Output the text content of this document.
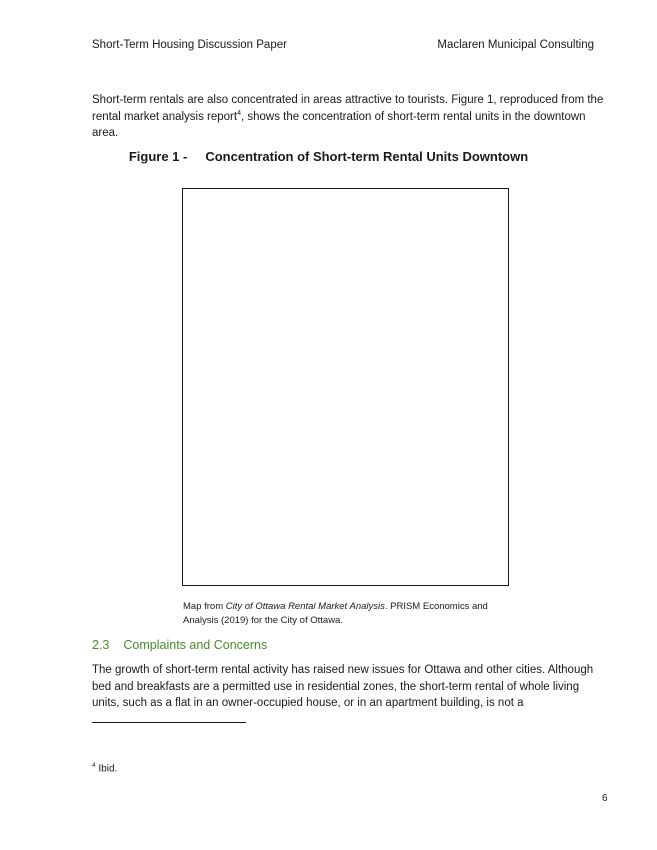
Short-Term Housing Discussion Paper	Maclaren Municipal Consulting

Short-term rentals are also concentrated in areas attractive to tourists. Figure 1, reproduced from the rental market analysis report$^4$, shows the concentration of short-term rental units in the downtown area.

Figure 1 - Concentration of Short-term Rental Units Downtown

Map from City of Ottawa Rental Market Analysis. PRISM Economics and Analysis (2019) for the City of Ottawa.

2.3 Complaints and Concerns

The growth of short-term rental activity has raised new issues for Ottawa and other cities. Although bed and breakfasts are a permitted use in residential zones, the short-term rental of whole living units, such as a flat in an owner-occupied house, or in an apartment building, is not a

$^4$ Ibid.
6
